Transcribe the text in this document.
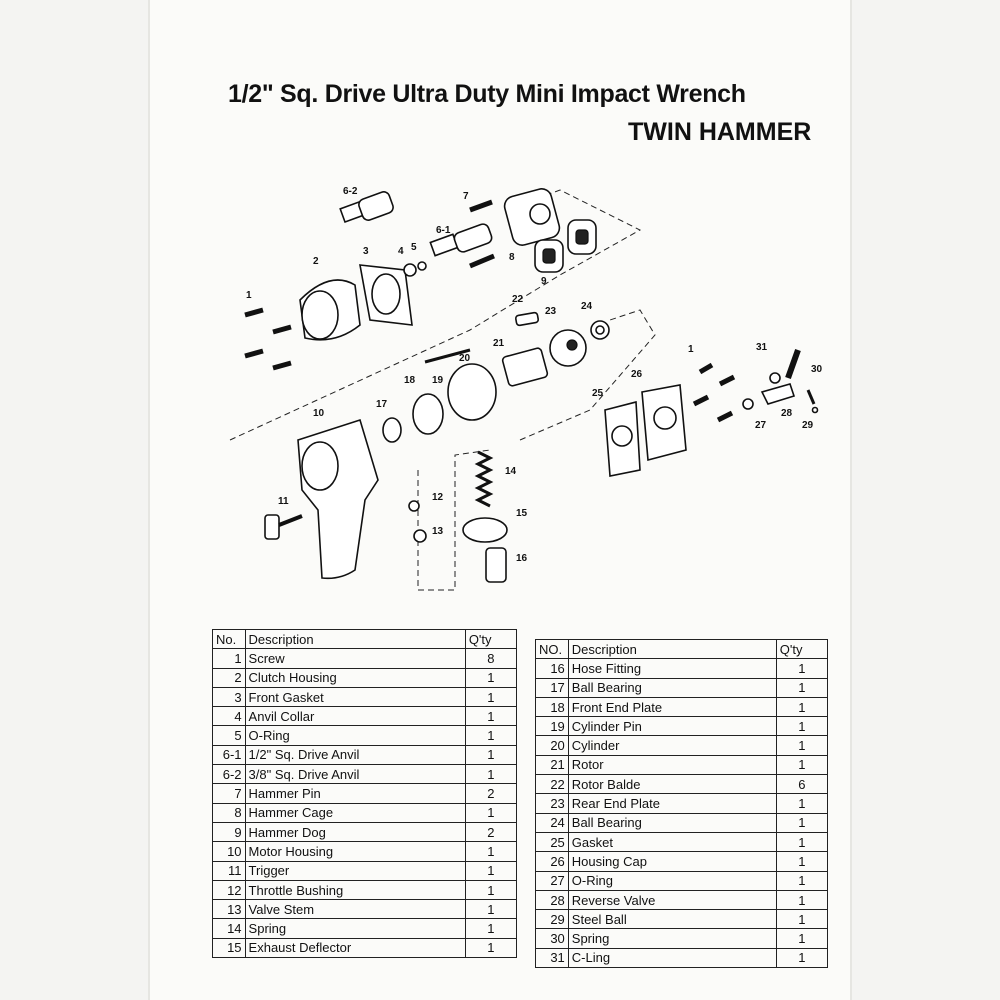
1/2" Sq. Drive Ultra Duty Mini Impact Wrench
TWIN HAMMER
6-2	7
6-1
2
3	4 5
8
9
1	22
23 24
21
20
19
18
17
10
1	31
30
26
25
28
27	29
14
12
11
13
15
16
No.	Description	Q'ty
1	Screw	8
2	Clutch Housing	1
3	Front Gasket	1
4	Anvil Collar	1
5	O-Ring	1
6-1	1/2" Sq. Drive Anvil	1
6-2	3/8" Sq. Drive Anvil	1
7	Hammer Pin	2
8	Hammer Cage	1
9	Hammer Dog	2
10	Motor Housing	1
11	Trigger	1
12	Throttle Bushing	1
13	Valve Stem	1
14	Spring	1
15	Exhaust Deflector	1
NO.	Description	Q'ty
16	Hose Fitting	1
17	Ball Bearing	1
18	Front End Plate	1
19	Cylinder Pin	1
20	Cylinder	1
21	Rotor	1
22	Rotor Balde	6
23	Rear End Plate	1
24	Ball Bearing	1
25	Gasket	1
26	Housing Cap	1
27	O-Ring	1
28	Reverse Valve	1
29	Steel Ball	1
30	Spring	1
31	C-Ling	1
